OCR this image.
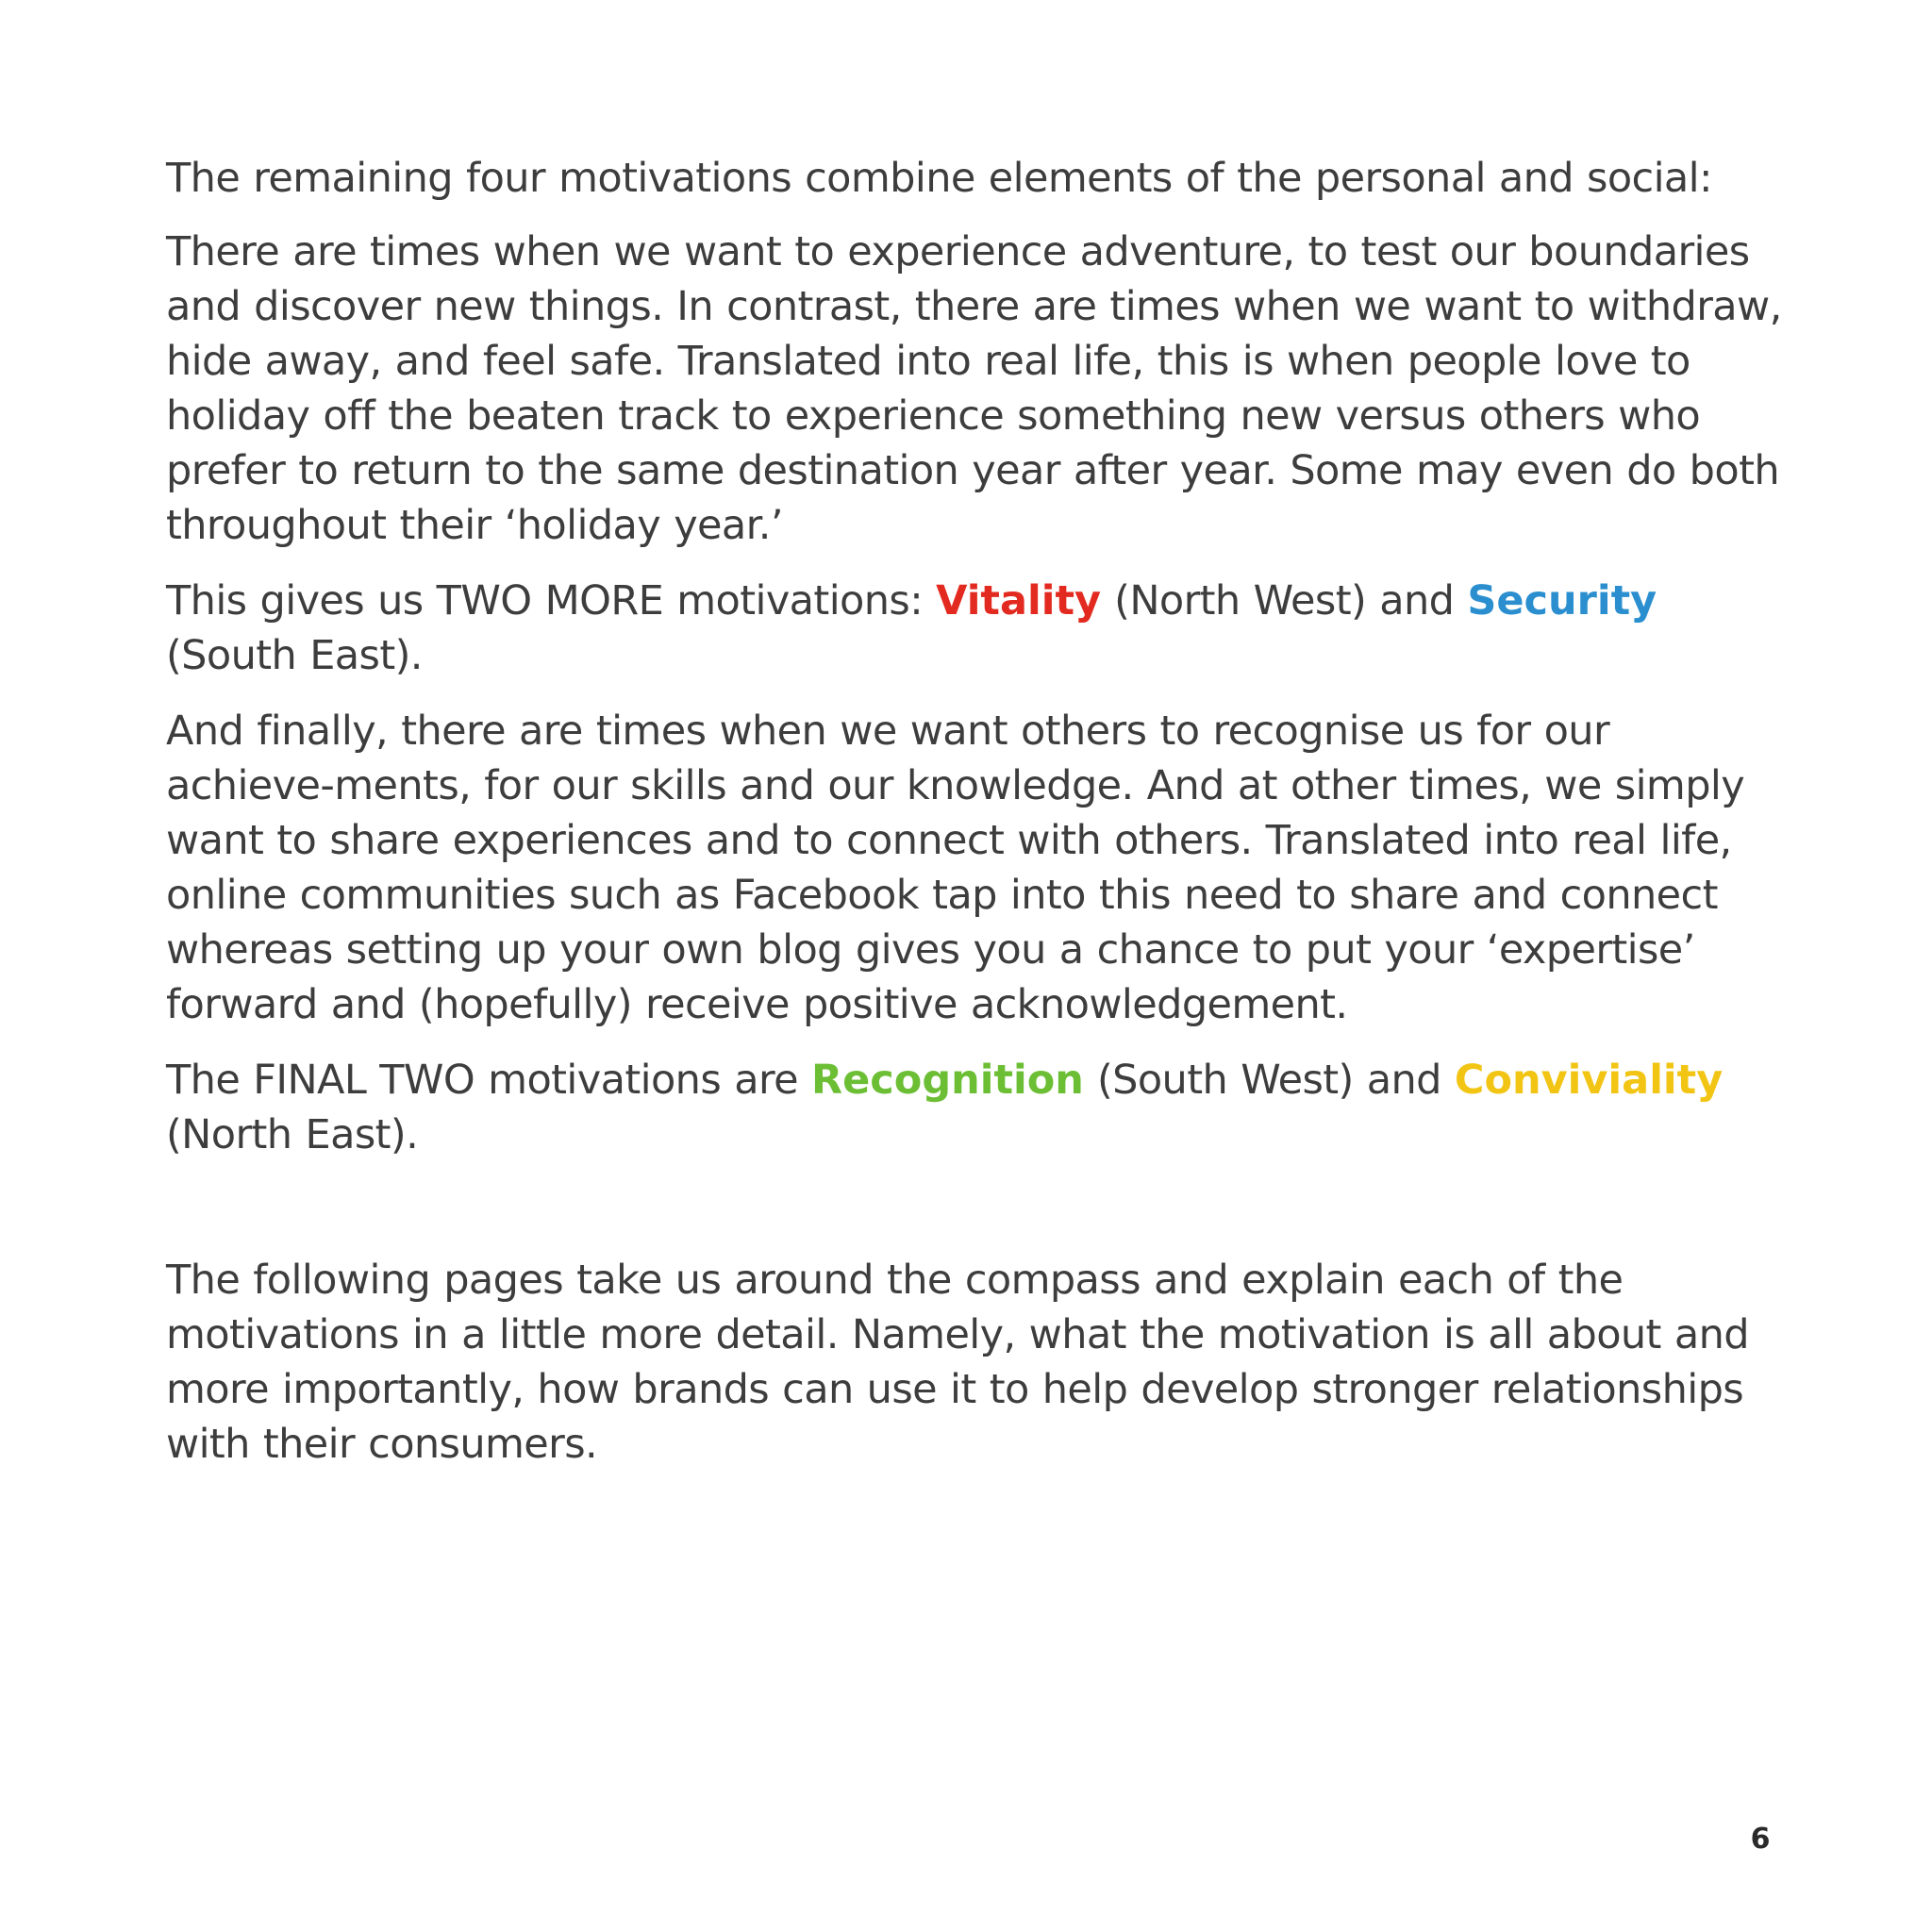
The remaining four motivations combine elements of the personal and social:

There are times when we want to experience adventure, to test our boundaries and discover new things. In contrast, there are times when we want to withdraw, hide away, and feel safe. Translated into real life, this is when people love to holiday off the beaten track to experience something new versus others who prefer to return to the same destination year after year. Some may even do both throughout their ‘holiday year.’

This gives us TWO MORE motivations: Vitality (North West) and Security (South East).

And finally, there are times when we want others to recognise us for our achieve-ments, for our skills and our knowledge. And at other times, we simply want to share experiences and to connect with others. Translated into real life, online communities such as Facebook tap into this need to share and connect whereas setting up your own blog gives you a chance to put your ‘expertise’ forward and (hopefully) receive positive acknowledgement.

The FINAL TWO motivations are Recognition (South West) and Conviviality (North East).

The following pages take us around the compass and explain each of the motivations in a little more detail. Namely, what the motivation is all about and more importantly, how brands can use it to help develop stronger relationships with their consumers.

6
